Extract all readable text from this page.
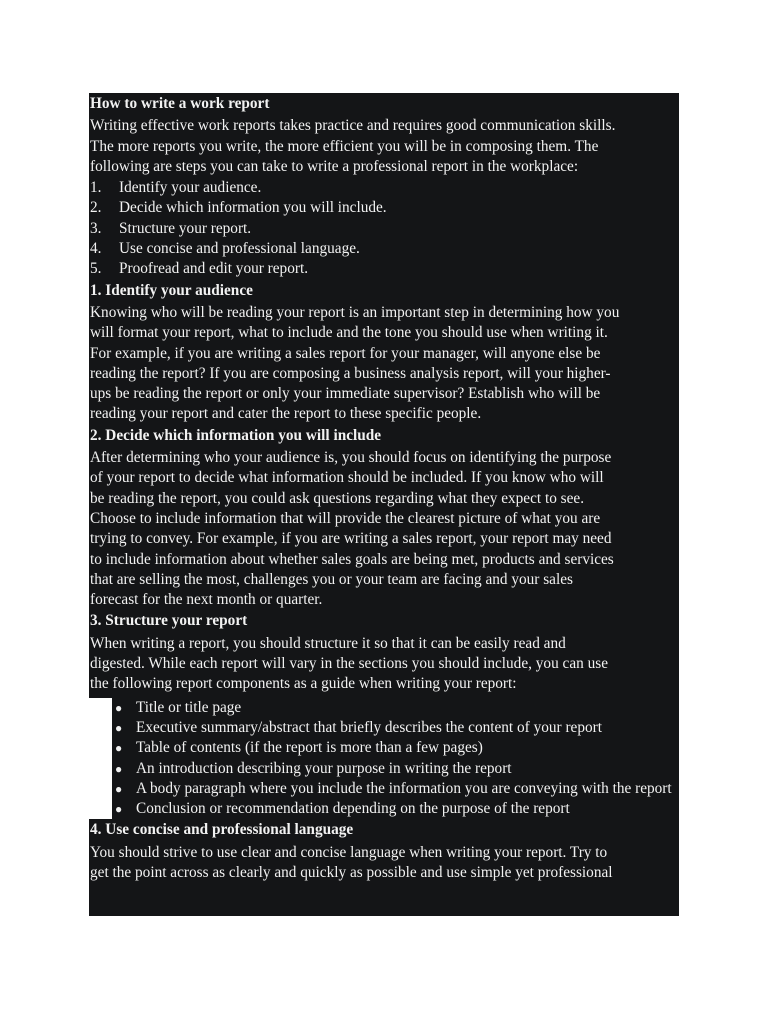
How to write a work report
Writing effective work reports takes practice and requires good communication skills.
The more reports you write, the more efficient you will be in composing them. The
following are steps you can take to write a professional report in the workplace:
1. Identify your audience.
2. Decide which information you will include.
3. Structure your report.
4. Use concise and professional language.
5. Proofread and edit your report.
1. Identify your audience
Knowing who will be reading your report is an important step in determining how you
will format your report, what to include and the tone you should use when writing it.
For example, if you are writing a sales report for your manager, will anyone else be
reading the report? If you are composing a business analysis report, will your higher-
ups be reading the report or only your immediate supervisor? Establish who will be
reading your report and cater the report to these specific people.
2. Decide which information you will include
After determining who your audience is, you should focus on identifying the purpose
of your report to decide what information should be included. If you know who will
be reading the report, you could ask questions regarding what they expect to see.
Choose to include information that will provide the clearest picture of what you are
trying to convey. For example, if you are writing a sales report, your report may need
to include information about whether sales goals are being met, products and services
that are selling the most, challenges you or your team are facing and your sales
forecast for the next month or quarter.
3. Structure your report
When writing a report, you should structure it so that it can be easily read and
digested. While each report will vary in the sections you should include, you can use
the following report components as a guide when writing your report:
● Title or title page
● Executive summary/abstract that briefly describes the content of your report
● Table of contents (if the report is more than a few pages)
● An introduction describing your purpose in writing the report
● A body paragraph where you include the information you are conveying with the report
● Conclusion or recommendation depending on the purpose of the report
4. Use concise and professional language
You should strive to use clear and concise language when writing your report. Try to
get the point across as clearly and quickly as possible and use simple yet professional
